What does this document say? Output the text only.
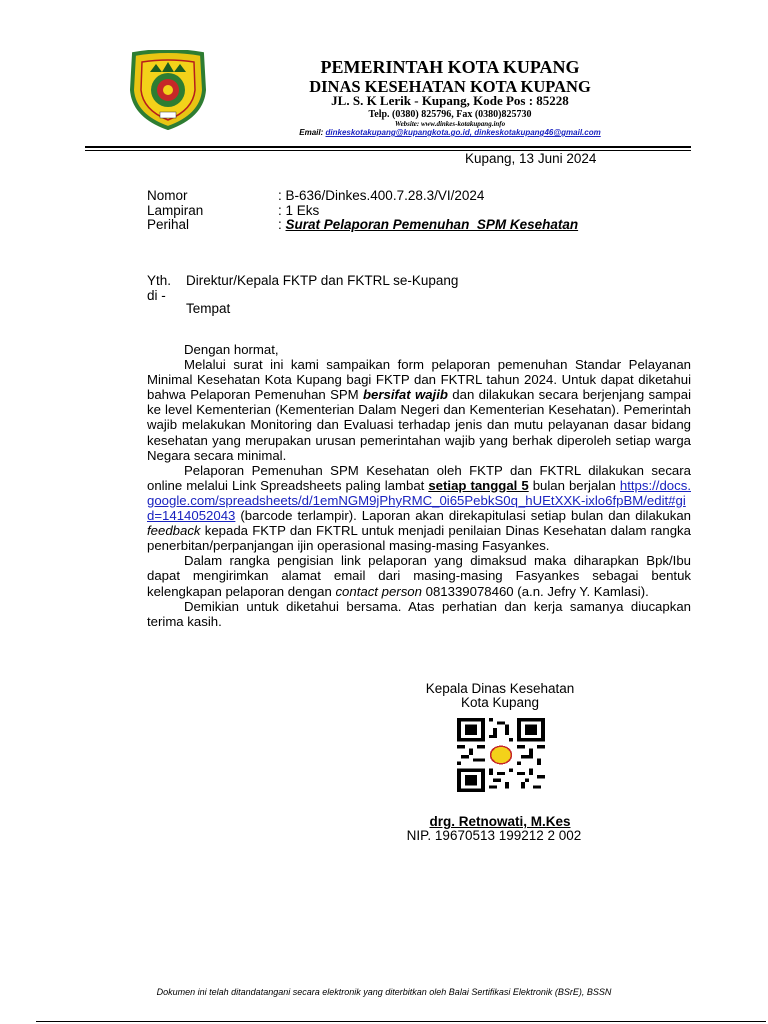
PEMERINTAH KOTA KUPANG
DINAS KESEHATAN KOTA KUPANG
JL. S. K Lerik - Kupang, Kode Pos : 85228
Telp. (0380) 825796, Fax (0380)825730
Website: www.dinkes-kotakupang.info
Email: dinkeskotakupang@kupangkota.go.id, dinkeskotakupang46@gmail.com
Kupang, 13 Juni 2024
Nomor	: B-636/Dinkes.400.7.28.3/VI/2024
Lampiran	: 1 Eks
Perihal	: Surat Pelaporan Pemenuhan  SPM Kesehatan
Yth. Direktur/Kepala FKTP dan FKTRL se-Kupang
di -
Tempat

Dengan hormat,

Melalui surat ini kami sampaikan form pelaporan pemenuhan Standar Pelayanan Minimal Kesehatan Kota Kupang bagi FKTP dan FKTRL tahun 2024. Untuk dapat diketahui bahwa Pelaporan Pemenuhan SPM bersifat wajib dan dilakukan secara berjenjang sampai ke level Kementerian (Kementerian Dalam Negeri dan Kementerian Kesehatan). Pemerintah wajib melakukan Monitoring dan Evaluasi terhadap jenis dan mutu pelayanan dasar bidang kesehatan yang merupakan urusan pemerintahan wajib yang berhak diperoleh setiap warga Negara secara minimal.

Pelaporan Pemenuhan SPM Kesehatan oleh FKTP dan FKTRL dilakukan secara online melalui Link Spreadsheets paling lambat setiap tanggal 5 bulan berjalan https://docs.google.com/spreadsheets/d/1emNGM9jPhyRMC_0i65PebkS0q_hUEtXXK-ixlo6fpBM/edit#gid=1414052043 (barcode terlampir). Laporan akan direkapitulasi setiap bulan dan dilakukan feedback kepada FKTP dan FKTRL untuk menjadi penilaian Dinas Kesehatan dalam rangka penerbitan/perpanjangan ijin operasional masing-masing Fasyankes.

Dalam rangka pengisian link pelaporan yang dimaksud maka diharapkan Bpk/Ibu dapat mengirimkan alamat email dari masing-masing Fasyankes sebagai bentuk kelengkapan pelaporan dengan contact person 081339078460 (a.n. Jefry Y. Kamlasi).

Demikian untuk diketahui bersama. Atas perhatian dan kerja samanya diucapkan terima kasih.

Kepala Dinas Kesehatan
Kota Kupang
drg. Retnowati, M.Kes
NIP. 19670513 199212 2 002
Dokumen ini telah ditandatangani secara elektronik yang diterbitkan oleh Balai Sertifikasi Elektronik (BSrE), BSSN
